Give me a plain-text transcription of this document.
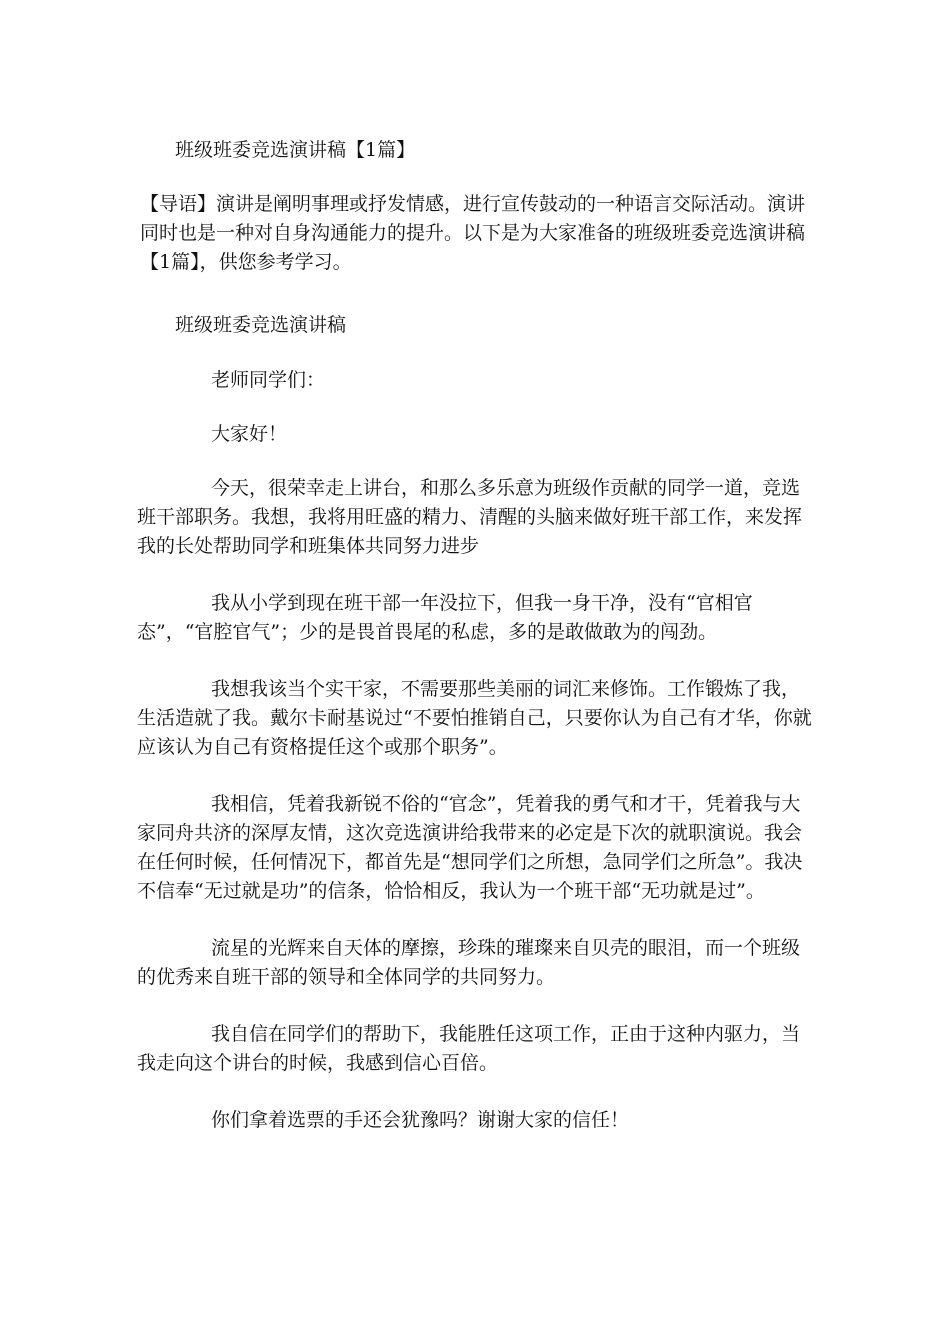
班级班委竞选演讲稿【1篇】

【导语】演讲是阐明事理或抒发情感，进行宣传鼓动的一种语言交际活动。演讲同时也是一种对自身沟通能力的提升。以下是为大家准备的班级班委竞选演讲稿【1篇】，供您参考学习。

班级班委竞选演讲稿

老师同学们：

大家好！

今天，很荣幸走上讲台，和那么多乐意为班级作贡献的同学一道，竞选班干部职务。我想，我将用旺盛的精力、清醒的头脑来做好班干部工作，来发挥我的长处帮助同学和班集体共同努力进步

我从小学到现在班干部一年没拉下，但我一身干净，没有“官相官态”，“官腔官气”；少的是畏首畏尾的私虑，多的是敢做敢为的闯劲。

我想我该当个实干家，不需要那些美丽的词汇来修饰。工作锻炼了我，生活造就了我。戴尔卡耐基说过“不要怕推销自己，只要你认为自己有才华，你就应该认为自己有资格提任这个或那个职务”。

我相信，凭着我新锐不俗的“官念”，凭着我的勇气和才干，凭着我与大家同舟共济的深厚友情，这次竞选演讲给我带来的必定是下次的就职演说。我会在任何时候，任何情况下，都首先是“想同学们之所想，急同学们之所急”。我决不信奉“无过就是功”的信条，恰恰相反，我认为一个班干部“无功就是过”。

流星的光辉来自天体的摩擦，珍珠的璀璨来自贝壳的眼泪，而一个班级的优秀来自班干部的领导和全体同学的共同努力。

我自信在同学们的帮助下，我能胜任这项工作，正由于这种内驱力，当我走向这个讲台的时候，我感到信心百倍。

你们拿着选票的手还会犹豫吗？谢谢大家的信任！
